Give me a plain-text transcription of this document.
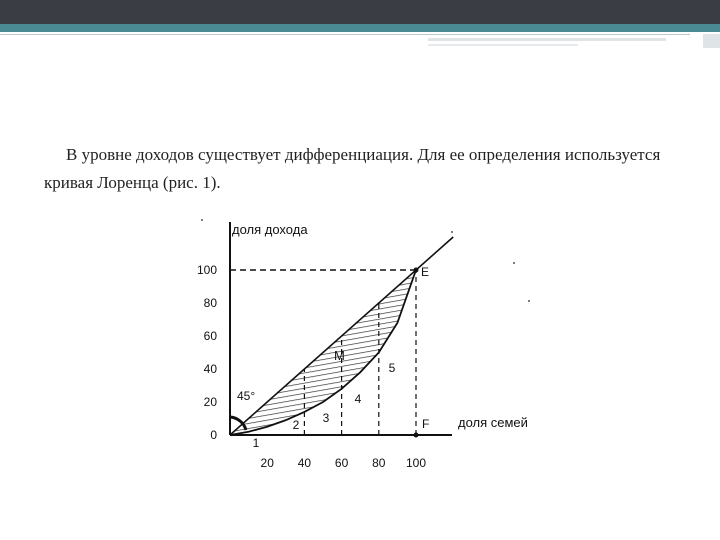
В уровне доходов существует дифференциация. Для ее определения используется кривая Лоренца (рис. 1).

0
20
40
60
80
100
20 40 60 80 100
доля дохода
доля семей
45°
E
F
M
1
2 3
4
5
